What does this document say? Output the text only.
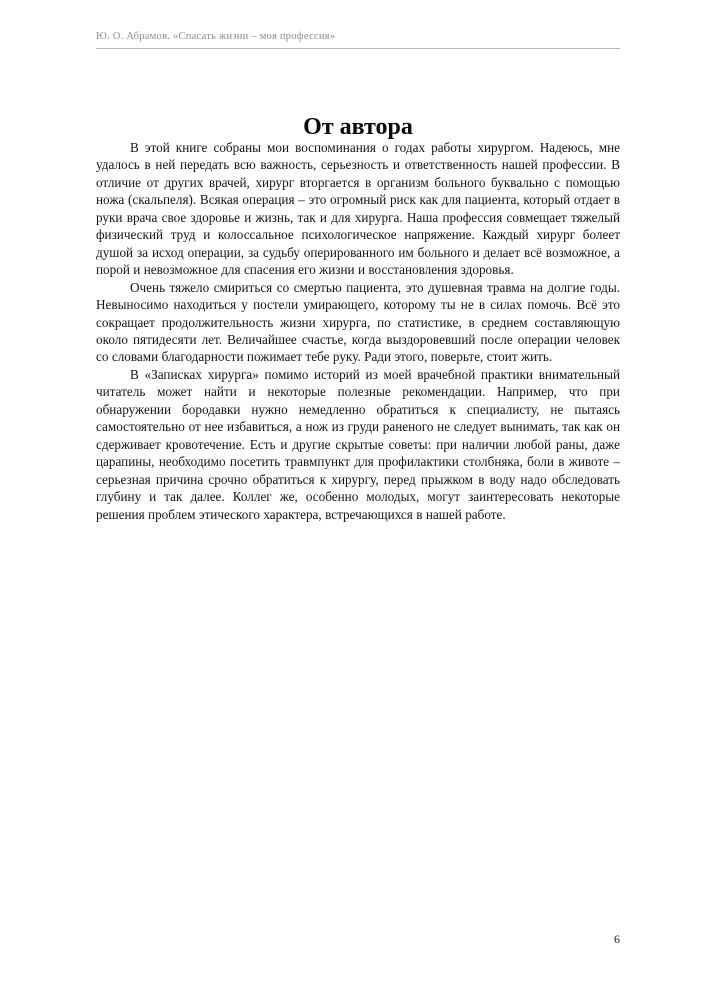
Ю. О. Абрамов. «Спасать жизни – моя профессия»
От автора

В этой книге собраны мои воспоминания о годах работы хирургом. Надеюсь, мне удалось в ней передать всю важность, серьезность и ответственность нашей профессии. В отличие от других врачей, хирург вторгается в организм больного буквально с помощью ножа (скальпеля). Всякая операция – это огромный риск как для пациента, который отдает в руки врача свое здоровье и жизнь, так и для хирурга. Наша профессия совмещает тяжелый физический труд и колоссальное психологическое напряжение. Каждый хирург болеет душой за исход операции, за судьбу оперированного им больного и делает всё возможное, а порой и невозможное для спасения его жизни и восстановления здоровья.

Очень тяжело смириться со смертью пациента, это душевная травма на долгие годы. Невыносимо находиться у постели умирающего, которому ты не в силах помочь. Всё это сокращает продолжительность жизни хирурга, по статистике, в среднем составляющую около пятидесяти лет. Величайшее счастье, когда выздоровевший после операции человек со словами благодарности пожимает тебе руку. Ради этого, поверьте, стоит жить.

В «Записках хирурга» помимо историй из моей врачебной практики внимательный читатель может найти и некоторые полезные рекомендации. Например, что при обнаружении бородавки нужно немедленно обратиться к специалисту, не пытаясь самостоятельно от нее избавиться, а нож из груди раненого не следует вынимать, так как он сдерживает кровотечение. Есть и другие скрытые советы: при наличии любой раны, даже царапины, необходимо посетить травмпункт для профилактики столбняка, боли в животе – серьезная причина срочно обратиться к хирургу, перед прыжком в воду надо обследовать глубину и так далее. Коллег же, особенно молодых, могут заинтересовать некоторые решения проблем этического характера, встречающихся в нашей работе.

6
